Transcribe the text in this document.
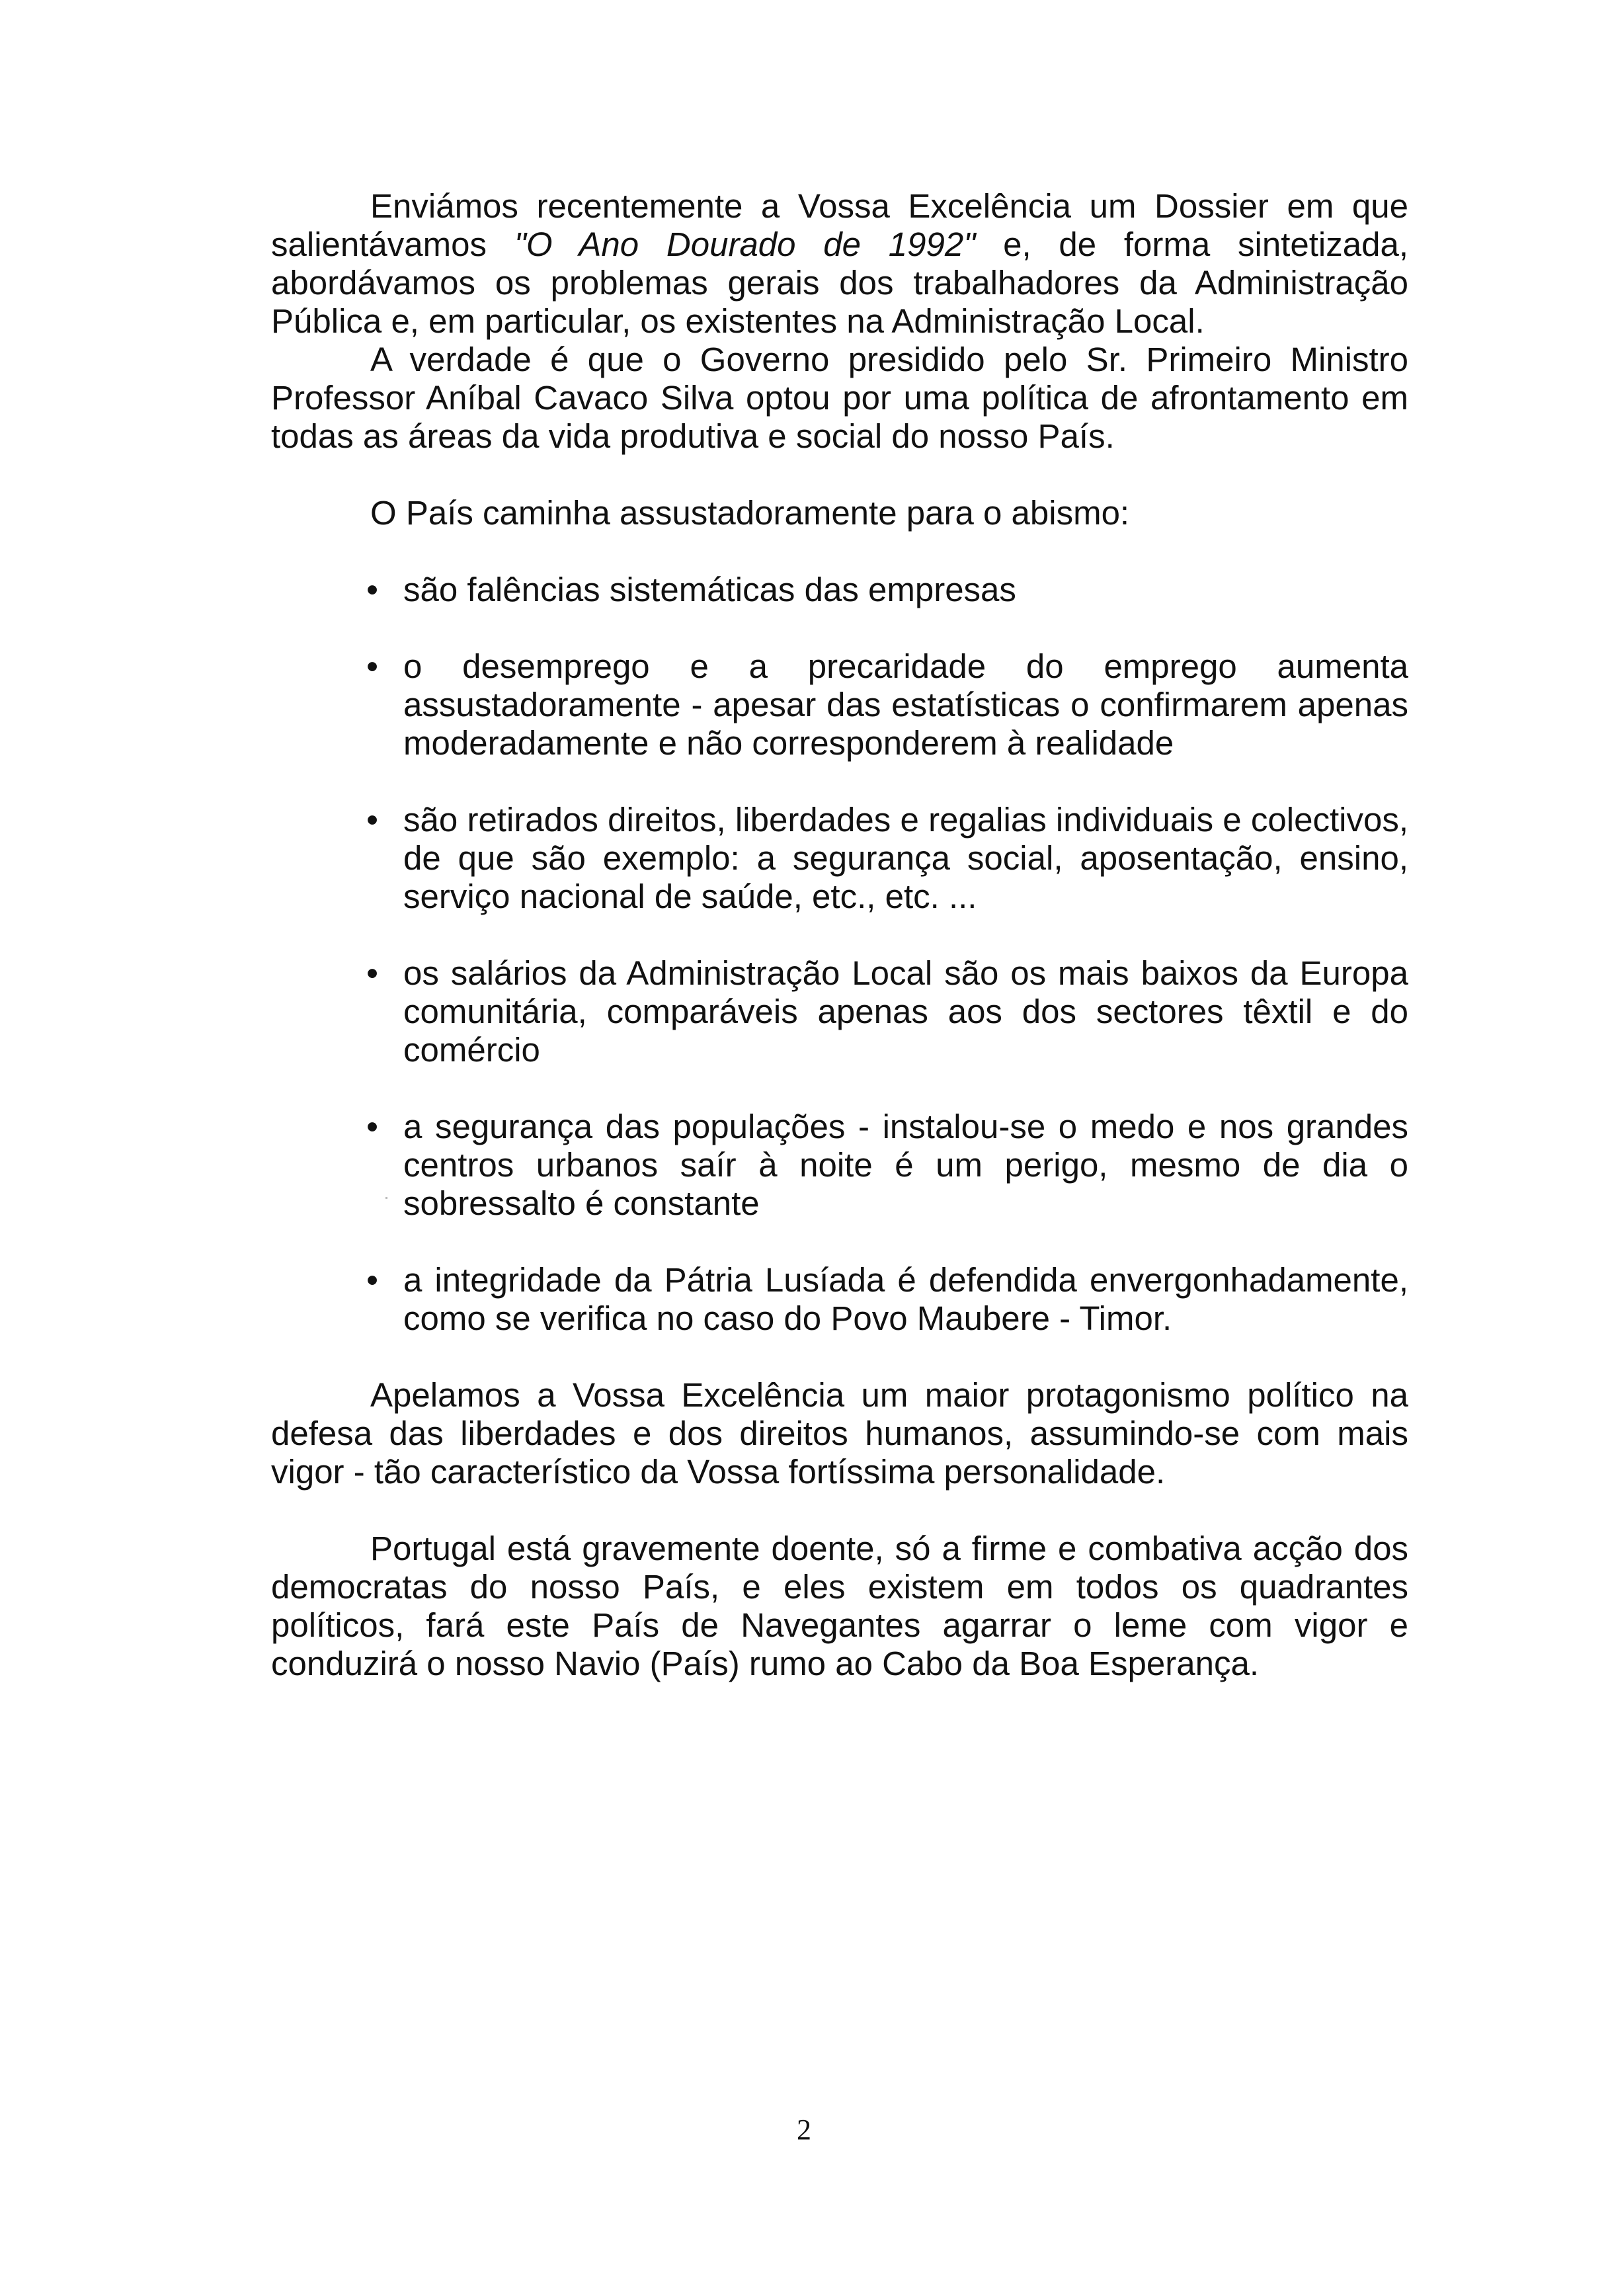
Enviámos recentemente a Vossa Excelência um Dossier em que salientávamos "O Ano Dourado de 1992" e, de forma sintetizada, abordávamos os problemas gerais dos trabalhadores da Administração Pública e, em particular, os existentes na Administração Local.

A verdade é que o Governo presidido pelo Sr. Primeiro Ministro Professor Aníbal Cavaco Silva optou por uma política de afrontamento em todas as áreas da vida produtiva e social do nosso País.

O País caminha assustadoramente para o abismo:

• são falências sistemáticas das empresas
• o desemprego e a precaridade do emprego aumenta assustadoramente - apesar das estatísticas o confirmarem apenas moderadamente e não corresponderem à realidade
• são retirados direitos, liberdades e regalias individuais e colectivos, de que são exemplo: a segurança social, aposentação, ensino, serviço nacional de saúde, etc., etc. ...
• os salários da Administração Local são os mais baixos da Europa comunitária, comparáveis apenas aos dos sectores têxtil e do comércio
• a segurança das populações - instalou-se o medo e nos grandes centros urbanos saír à noite é um perigo, mesmo de dia o sobressalto é constante
• a integridade da Pátria Lusíada é defendida envergonhadamente, como se verifica no caso do Povo Maubere - Timor.

Apelamos a Vossa Excelência um maior protagonismo político na defesa das liberdades e dos direitos humanos, assumindo-se com mais vigor - tão característico da Vossa fortíssima personalidade.

Portugal está gravemente doente, só a firme e combativa acção dos democratas do nosso País, e eles existem em todos os quadrantes políticos, fará este País de Navegantes agarrar o leme com vigor e conduzirá o nosso Navio (País) rumo ao Cabo da Boa Esperança.

2
